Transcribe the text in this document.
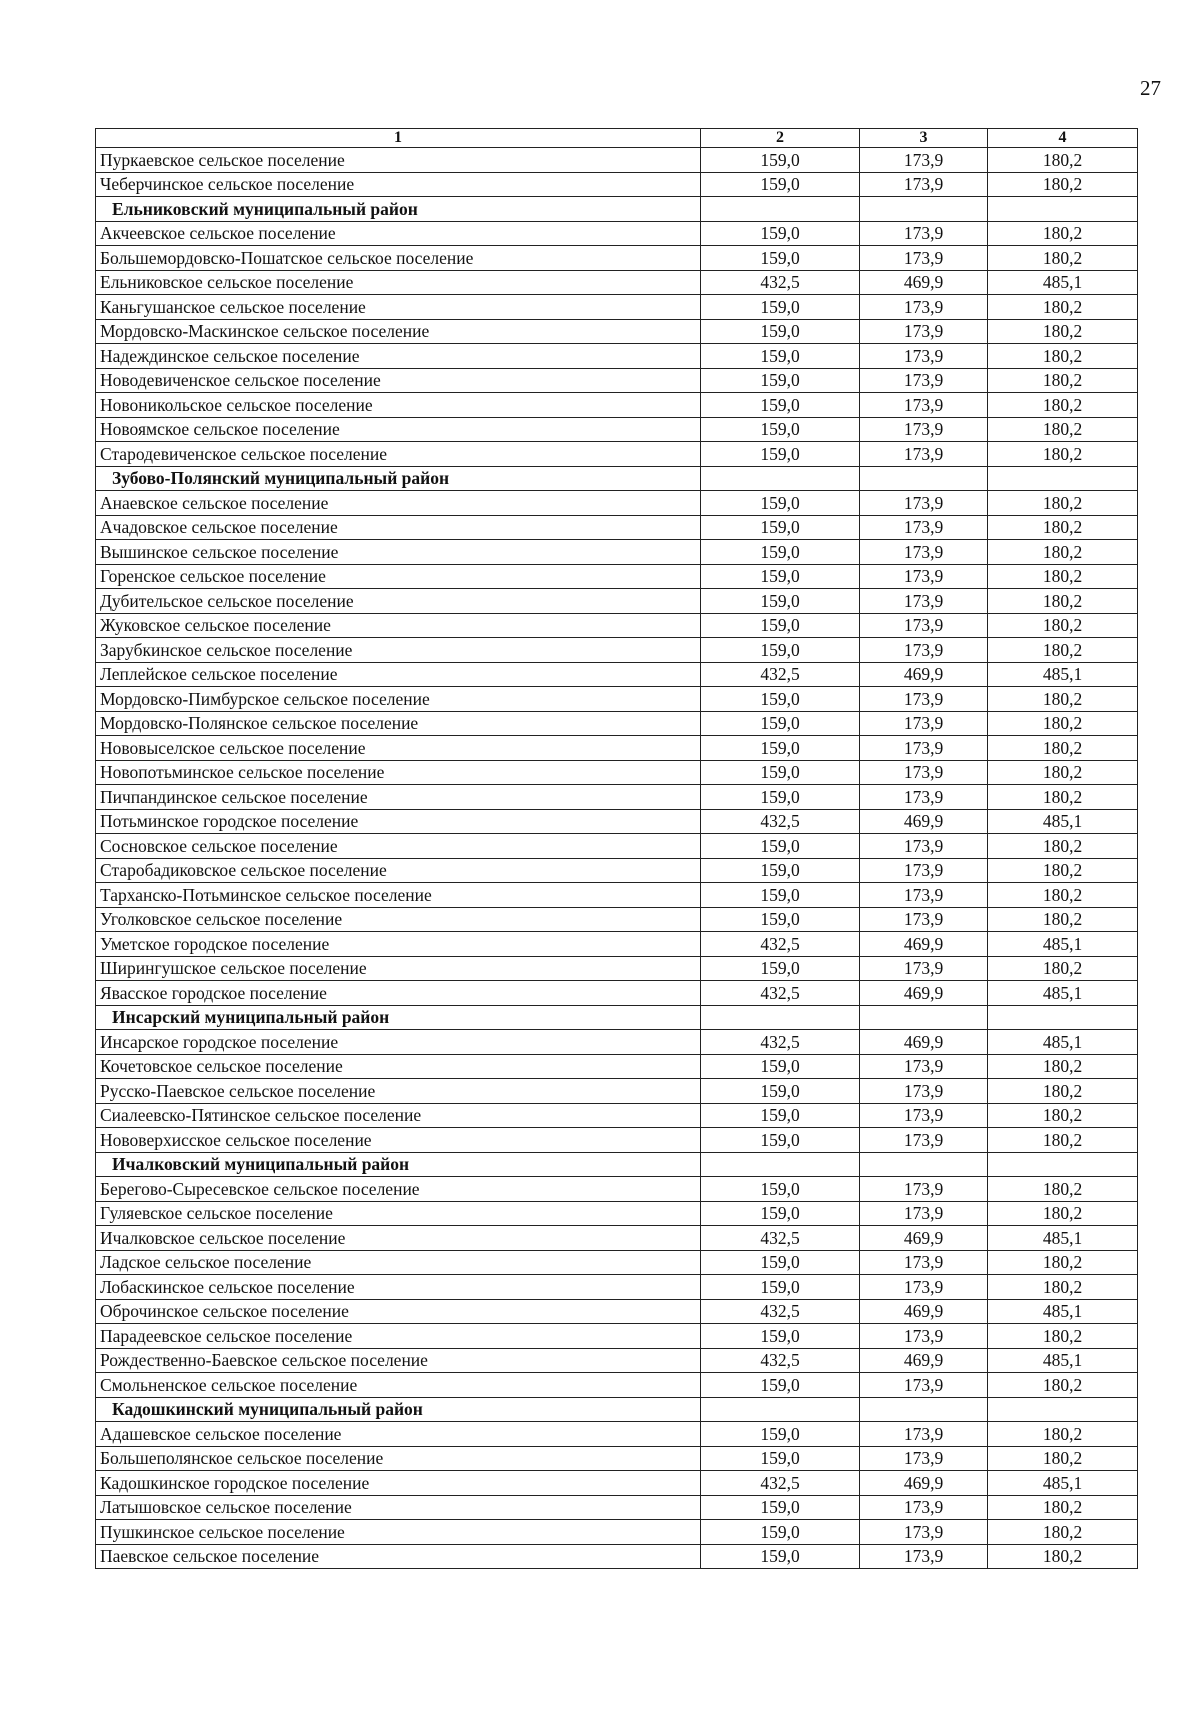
27
1	2	3	4
Пуркаевское сельское поселение	159,0	173,9	180,2
Чеберчинское сельское поселение	159,0	173,9	180,2
Ельниковский муниципальный район			
Акчеевское сельское поселение	159,0	173,9	180,2
Большемордовско-Пошатское сельское поселение	159,0	173,9	180,2
Ельниковское сельское поселение	432,5	469,9	485,1
Каньгушанское сельское поселение	159,0	173,9	180,2
Мордовско-Маскинское сельское поселение	159,0	173,9	180,2
Надеждинское сельское поселение	159,0	173,9	180,2
Новодевиченское сельское поселение	159,0	173,9	180,2
Новоникольское сельское поселение	159,0	173,9	180,2
Новоямское сельское поселение	159,0	173,9	180,2
Стародевиченское сельское поселение	159,0	173,9	180,2
Зубово-Полянский муниципальный район			
Анаевское сельское поселение	159,0	173,9	180,2
Ачадовское сельское поселение	159,0	173,9	180,2
Вышинское сельское поселение	159,0	173,9	180,2
Горенское сельское поселение	159,0	173,9	180,2
Дубительское сельское поселение	159,0	173,9	180,2
Жуковское сельское поселение	159,0	173,9	180,2
Зарубкинское сельское поселение	159,0	173,9	180,2
Леплейское сельское поселение	432,5	469,9	485,1
Мордовско-Пимбурское сельское поселение	159,0	173,9	180,2
Мордовско-Полянское сельское поселение	159,0	173,9	180,2
Нововыселское сельское поселение	159,0	173,9	180,2
Новопотьминское сельское поселение	159,0	173,9	180,2
Пичпандинское сельское поселение	159,0	173,9	180,2
Потьминское городское поселение	432,5	469,9	485,1
Сосновское сельское поселение	159,0	173,9	180,2
Старобадиковское сельское поселение	159,0	173,9	180,2
Тарханско-Потьминское сельское поселение	159,0	173,9	180,2
Уголковское сельское поселение	159,0	173,9	180,2
Уметское городское поселение	432,5	469,9	485,1
Ширингушское сельское поселение	159,0	173,9	180,2
Явасское городское поселение	432,5	469,9	485,1
Инсарский муниципальный район			
Инсарское городское поселение	432,5	469,9	485,1
Кочетовское сельское поселение	159,0	173,9	180,2
Русско-Паевское сельское поселение	159,0	173,9	180,2
Сиалеевско-Пятинское сельское поселение	159,0	173,9	180,2
Нововерхисское сельское поселение	159,0	173,9	180,2
Ичалковский муниципальный район			
Берегово-Сыресевское сельское поселение	159,0	173,9	180,2
Гуляевское сельское поселение	159,0	173,9	180,2
Ичалковское сельское поселение	432,5	469,9	485,1
Ладское сельское поселение	159,0	173,9	180,2
Лобаскинское сельское поселение	159,0	173,9	180,2
Оброчинское сельское поселение	432,5	469,9	485,1
Парадеевское сельское поселение	159,0	173,9	180,2
Рождественно-Баевское сельское поселение	432,5	469,9	485,1
Смольненское сельское поселение	159,0	173,9	180,2
Кадошкинский муниципальный район			
Адашевское сельское поселение	159,0	173,9	180,2
Большеполянское сельское поселение	159,0	173,9	180,2
Кадошкинское городское поселение	432,5	469,9	485,1
Латышовское сельское поселение	159,0	173,9	180,2
Пушкинское сельское поселение	159,0	173,9	180,2
Паевское сельское поселение	159,0	173,9	180,2
